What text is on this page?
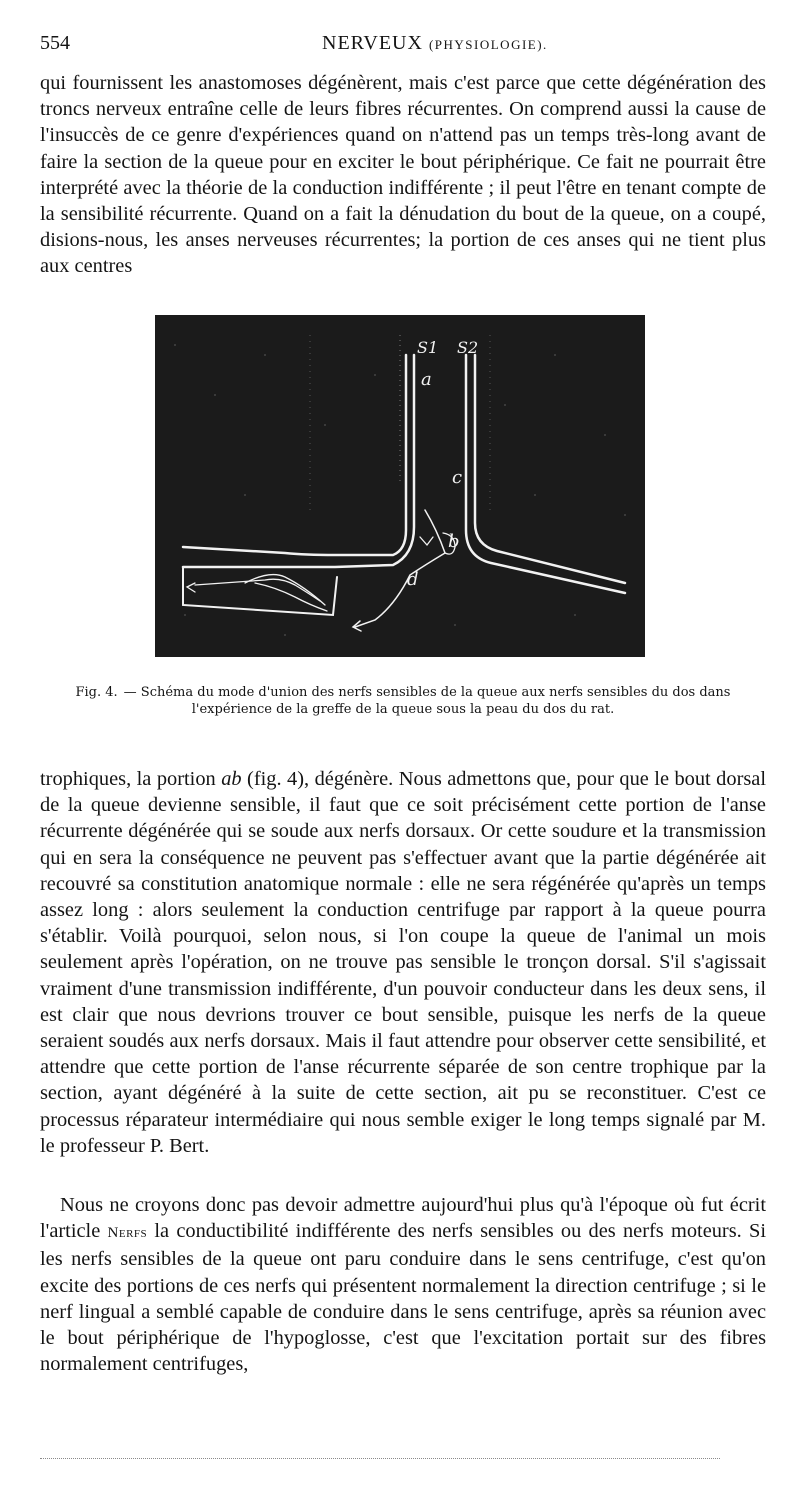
554	NERVEUX (PHYSIOLOGIE).
qui fournissent les anastomoses dégénèrent, mais c'est parce que cette dégénération des troncs nerveux entraîne celle de leurs fibres récurrentes. On comprend aussi la cause de l'insuccès de ce genre d'expériences quand on n'attend pas un temps très-long avant de faire la section de la queue pour en exciter le bout périphérique. Ce fait ne pourrait être interprété avec la théorie de la conduction indifférente ; il peut l'être en tenant compte de la sensibilité récurrente. Quand on a fait la dénudation du bout de la queue, on a coupé, disions-nous, les anses nerveuses récurrentes; la portion de ces anses qui ne tient plus aux centres
S1 S2
a
b
c
d
Fig. 4. — Schéma du mode d'union des nerfs sensibles de la queue aux nerfs sensibles du dos dans
l'expérience de la greffe de la queue sous la peau du dos du rat.
trophiques, la portion ab (fig. 4), dégénère. Nous admettons que, pour que le bout dorsal de la queue devienne sensible, il faut que ce soit précisément cette portion de l'anse récurrente dégénérée qui se soude aux nerfs dorsaux. Or cette soudure et la transmission qui en sera la conséquence ne peuvent pas s'effectuer avant que la partie dégénérée ait recouvré sa constitution anatomique normale : elle ne sera régénérée qu'après un temps assez long : alors seulement la conduction centrifuge par rapport à la queue pourra s'établir. Voilà pourquoi, selon nous, si l'on coupe la queue de l'animal un mois seulement après l'opération, on ne trouve pas sensible le tronçon dorsal. S'il s'agissait vraiment d'une transmission indifférente, d'un pouvoir conducteur dans les deux sens, il est clair que nous devrions trouver ce bout sensible, puisque les nerfs de la queue seraient soudés aux nerfs dorsaux. Mais il faut attendre pour observer cette sensibilité, et attendre que cette portion de l'anse récurrente séparée de son centre trophique par la section, ayant dégénéré à la suite de cette section, ait pu se reconstituer. C'est ce processus réparateur intermédiaire qui nous semble exiger le long temps signalé par M. le professeur P. Bert.
Nous ne croyons donc pas devoir admettre aujourd'hui plus qu'à l'époque où fut écrit l'article Nerfs la conductibilité indifférente des nerfs sensibles ou des nerfs moteurs. Si les nerfs sensibles de la queue ont paru conduire dans le sens centrifuge, c'est qu'on excite des portions de ces nerfs qui présentent normalement la direction centrifuge ; si le nerf lingual a semblé capable de conduire dans le sens centrifuge, après sa réunion avec le bout périphérique de l'hypoglosse, c'est que l'excitation portait sur des fibres normalement centrifuges,
